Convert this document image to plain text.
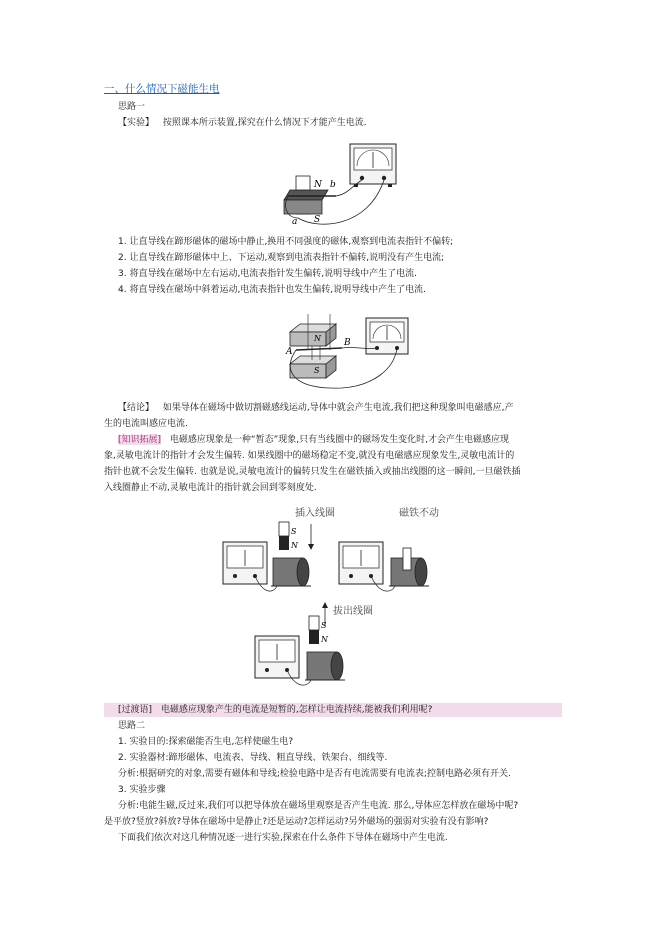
一、什么情况下磁能生电
思路一
【实验】 按照课本所示装置,探究在什么情况下才能产生电流.
N b
a S
1. 让直导线在蹄形磁体的磁场中静止,换用不同强度的磁体,观察到电流表指针不偏转;
2. 让直导线在蹄形磁体中上、下运动,观察到电流表指针不偏转,说明没有产生电流;
3. 将直导线在磁场中左右运动,电流表指针发生偏转,说明导线中产生了电流.
4. 将直导线在磁场中斜着运动,电流表指针也发生偏转,说明导线中产生了电流.
N
S
A
B
【结论】 如果导体在磁场中做切割磁感线运动,导体中就会产生电流,我们把这种现象叫电磁感应,产
生的电流叫感应电流.
[知识拓展] 电磁感应现象是一种“暂态”现象,只有当线圈中的磁场发生变化时,才会产生电磁感应现
象,灵敏电流计的指针才会发生偏转. 如果线圈中的磁场稳定不变,就没有电磁感应现象发生,灵敏电流计的
指针也就不会发生偏转. 也就是说,灵敏电流计的偏转只发生在磁铁插入或抽出线圈的这一瞬间,一旦磁铁插
入线圈静止不动,灵敏电流计的指针就会回到零刻度处.
插入线圈	磁铁不动
S
N
拔出线圈
S
N
[过渡语] 电磁感应现象产生的电流是短暂的,怎样让电流持续,能被我们利用呢?
思路二
1. 实验目的:探索磁能否生电,怎样使磁生电?
2. 实验器材:蹄形磁体、电流表、导线、粗直导线、铁架台、细线等.
分析:根据研究的对象,需要有磁体和导线;检验电路中是否有电流需要有电流表;控制电路必须有开关.
3. 实验步骤
分析:电能生磁,反过来,我们可以把导体放在磁场里观察是否产生电流. 那么,导体应怎样放在磁场中呢?
是平放?竖放?斜放?导体在磁场中是静止?还是运动?怎样运动?另外磁场的强弱对实验有没有影响?
下面我们依次对这几种情况逐一进行实验,探索在什么条件下导体在磁场中产生电流.
